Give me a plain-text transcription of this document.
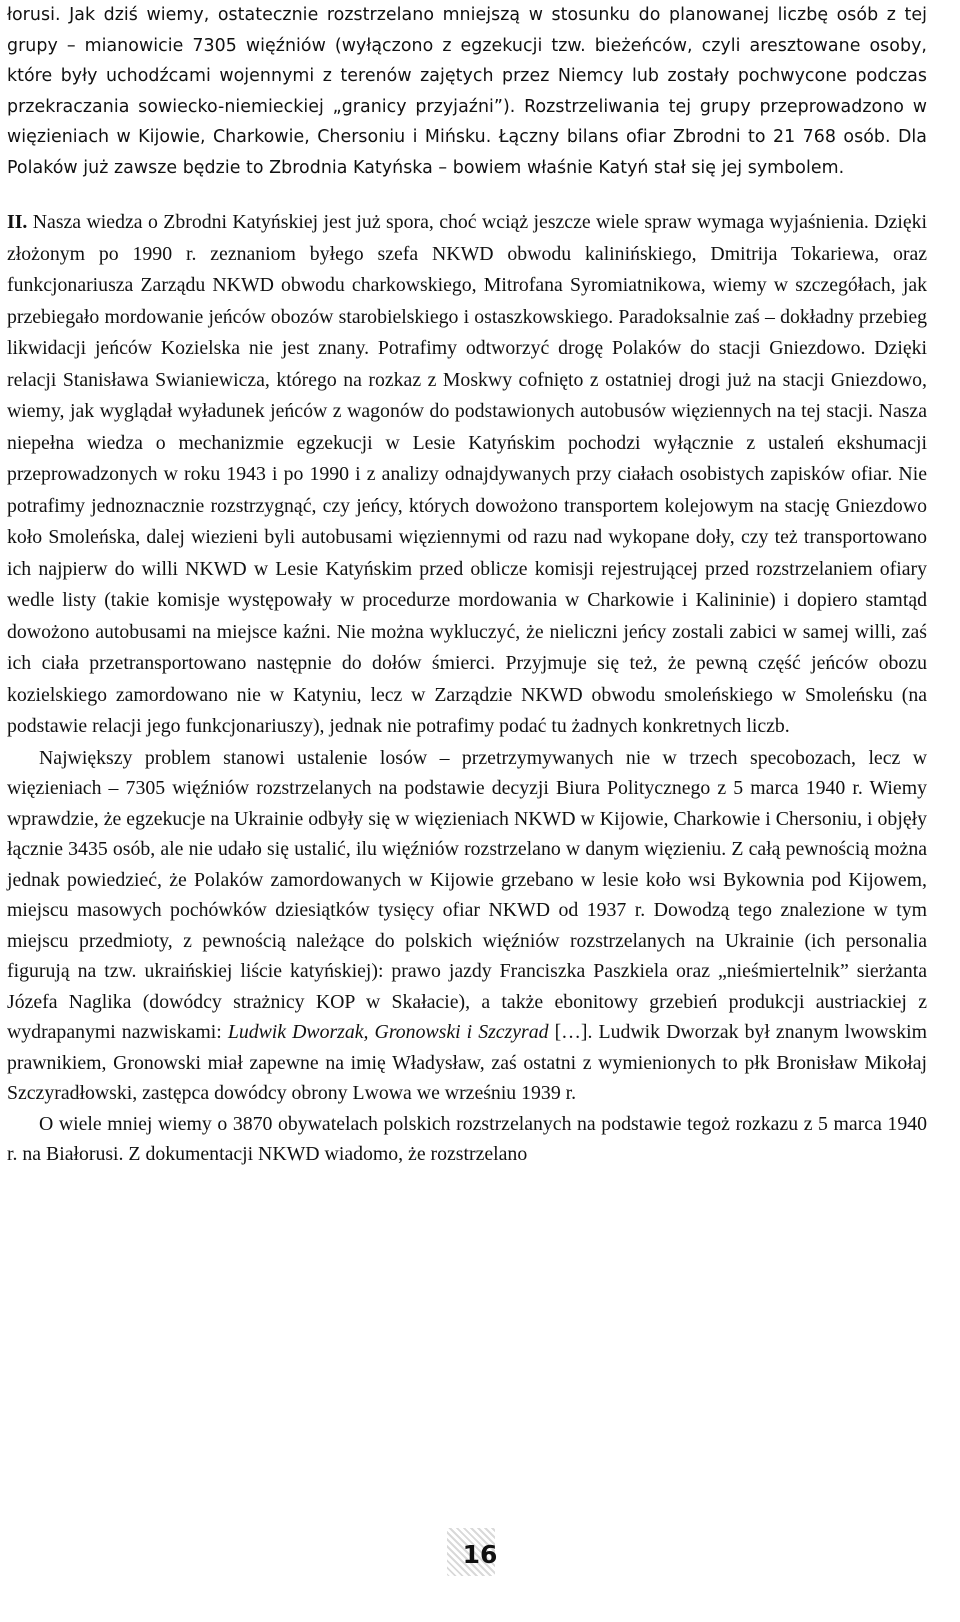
łorusi. Jak dziś wiemy, ostatecznie rozstrzelano mniejszą w stosunku do planowanej liczbę osób z tej grupy – mianowicie 7305 więźniów (wyłączono z egzekucji tzw. bieżeńców, czyli aresztowane osoby, które były uchodźcami wojennymi z terenów zajętych przez Niemcy lub zostały pochwycone podczas przekraczania sowiecko-niemieckiej „granicy przyjaźni”). Rozstrzeliwania tej grupy przeprowadzono w więzieniach w Kijowie, Charkowie, Chersoniu i Mińsku. Łączny bilans ofiar Zbrodni to 21 768 osób. Dla Polaków już zawsze będzie to Zbrodnia Katyńska – bowiem właśnie Katyń stał się jej symbolem.

II. Nasza wiedza o Zbrodni Katyńskiej jest już spora, choć wciąż jeszcze wiele spraw wymaga wyjaśnienia. Dzięki złożonym po 1990 r. zeznaniom byłego szefa NKWD obwodu kalinińskiego, Dmitrija Tokariewa, oraz funkcjonariusza Zarządu NKWD obwodu charkowskiego, Mitrofana Syromiatnikowa, wiemy w szczegółach, jak przebiegało mordowanie jeńców obozów starobielskiego i ostaszkowskiego. Paradoksalnie zaś – dokładny przebieg likwidacji jeńców Kozielska nie jest znany. Potrafimy odtworzyć drogę Polaków do stacji Gniezdowo. Dzięki relacji Stanisława Swianiewicza, którego na rozkaz z Moskwy cofnięto z ostatniej drogi już na stacji Gniezdowo, wiemy, jak wyglądał wyładunek jeńców z wagonów do podstawionych autobusów więziennych na tej stacji. Nasza niepełna wiedza o mechanizmie egzekucji w Lesie Katyńskim pochodzi wyłącznie z ustaleń ekshumacji przeprowadzonych w roku 1943 i po 1990 i z analizy odnajdywanych przy ciałach osobistych zapisków ofiar. Nie potrafimy jednoznacznie rozstrzygnąć, czy jeńcy, których dowożono transportem kolejowym na stację Gniezdowo koło Smoleńska, dalej wiezieni byli autobusami więziennymi od razu nad wykopane doły, czy też transportowano ich najpierw do willi NKWD w Lesie Katyńskim przed oblicze komisji rejestrującej przed rozstrzelaniem ofiary wedle listy (takie komisje występowały w procedurze mordowania w Charkowie i Kalininie) i dopiero stamtąd dowożono autobusami na miejsce kaźni. Nie można wykluczyć, że nieliczni jeńcy zostali zabici w samej willi, zaś ich ciała przetransportowano następnie do dołów śmierci. Przyjmuje się też, że pewną część jeńców obozu kozielskiego zamordowano nie w Katyniu, lecz w Zarządzie NKWD obwodu smoleńskiego w Smoleńsku (na podstawie relacji jego funkcjonariuszy), jednak nie potrafimy podać tu żadnych konkretnych liczb.

Największy problem stanowi ustalenie losów – przetrzymywanych nie w trzech specobozach, lecz w więzieniach – 7305 więźniów rozstrzelanych na podstawie decyzji Biura Politycznego z 5 marca 1940 r. Wiemy wprawdzie, że egzekucje na Ukrainie odbyły się w więzieniach NKWD w Kijowie, Charkowie i Chersoniu, i objęły łącznie 3435 osób, ale nie udało się ustalić, ilu więźniów rozstrzelano w danym więzieniu. Z całą pewnością można jednak powiedzieć, że Polaków zamordowanych w Kijowie grzebano w lesie koło wsi Bykownia pod Kijowem, miejscu masowych pochówków dziesiątków tysięcy ofiar NKWD od 1937 r. Dowodzą tego znalezione w tym miejscu przedmioty, z pewnością należące do polskich więźniów rozstrzelanych na Ukrainie (ich personalia figurują na tzw. ukraińskiej liście katyńskiej): prawo jazdy Franciszka Paszkiela oraz „nieśmiertelnik” sierżanta Józefa Naglika (dowódcy strażnicy KOP w Skałacie), a także ebonitowy grzebień produkcji austriackiej z wydrapanymi nazwiskami: Ludwik Dworzak, Gronowski i Szczyrad […]. Ludwik Dworzak był znanym lwowskim prawnikiem, Gronowski miał zapewne na imię Władysław, zaś ostatni z wymienionych to płk Bronisław Mikołaj Szczyradłowski, zastępca dowódcy obrony Lwowa we wrześniu 1939 r.

O wiele mniej wiemy o 3870 obywatelach polskich rozstrzelanych na podstawie tegoż rozkazu z 5 marca 1940 r. na Białorusi. Z dokumentacji NKWD wiadomo, że rozstrzelano

16
